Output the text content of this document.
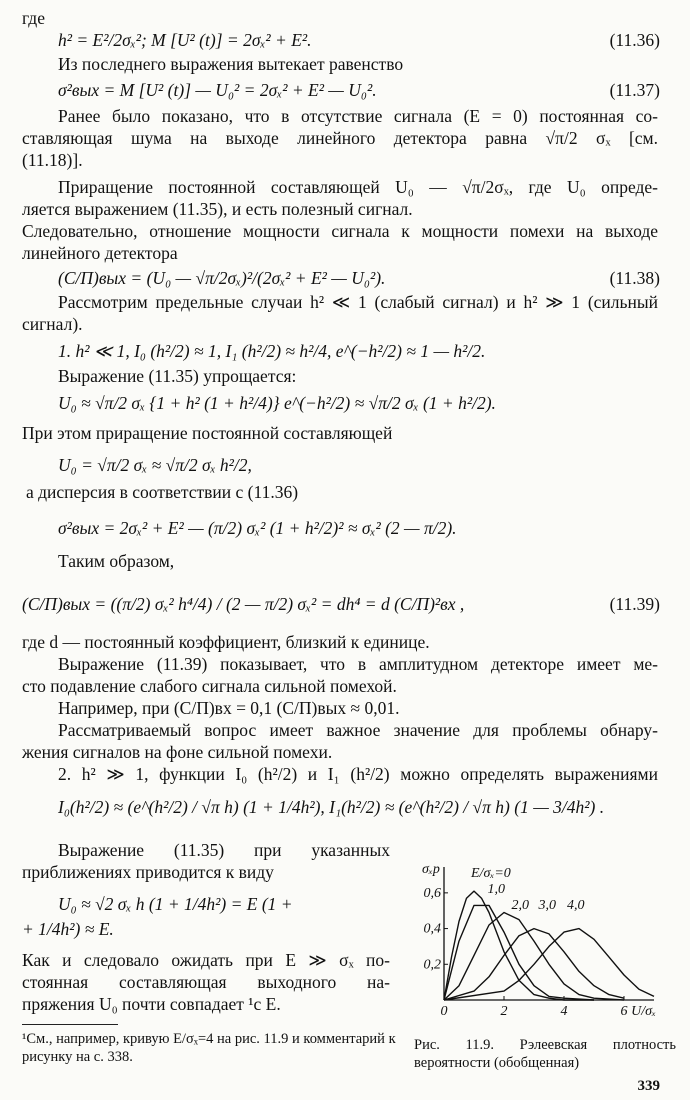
где
h² = E²/2σₓ²; M [U² (t)] = 2σₓ² + E².	(11.36)
Из последнего выражения вытекает равенство
σ²вых = M [U² (t)] — U₀² = 2σₓ² + E² — U₀².	(11.37)
Ранее было показано, что в отсутствие сигнала (E = 0) постоянная со-
ставляющая шума на выходе линейного детектора равна √π/2 σₓ [см.
(11.18)].
Приращение постоянной составляющей U₀ — √π/2σₓ, где U₀ опреде-
ляется выражением (11.35), и есть полезный сигнал.
Следовательно, отношение мощности сигнала к мощности помехи на выходе
линейного детектора
(С/П)вых = (U₀ — √π/2σₓ)²/(2σₓ² + E² — U₀²).	(11.38)
Рассмотрим предельные случаи h² ≪ 1 (слабый сигнал) и h² ≫ 1 (сильный
сигнал).
1. h² ≪ 1, I₀ (h²/2) ≈ 1, I₁ (h²/2) ≈ h²/4, e^(−h²/2) ≈ 1 — h²/2.
Выражение (11.35) упрощается:
U₀ ≈ √π/2 σₓ {1 + h² (1 + h²/4)} e^(−h²/2) ≈ √π/2 σₓ (1 + h²/2).
При этом приращение постоянной составляющей
U₀ = √π/2 σₓ ≈ √π/2 σₓ h²/2,
а дисперсия в соответствии с (11.36)
σ²вых = 2σₓ² + E² — (π/2) σₓ² (1 + h²/2)² ≈ σₓ² (2 — π/2).
Таким образом,
(С/П)вых = ((π/2) σₓ² h⁴/4) / (2 — π/2) σₓ² = dh⁴ = d (С/П)²вх ,	(11.39)
где d — постоянный коэффициент, близкий к единице.
Выражение (11.39) показывает, что в амплитудном детекторе имеет ме-
сто подавление слабого сигнала сильной помехой.
Например, при (С/П)вх = 0,1 (С/П)вых ≈ 0,01.
Рассматриваемый вопрос имеет важное значение для проблемы обнару-
жения сигналов на фоне сильной помехи.
2. h² ≫ 1, функции I₀ (h²/2) и I₁ (h²/2) можно определять выражениями
I₀(h²/2) ≈ (e^(h²/2) / √π h) (1 + 1/4h²), I₁(h²/2) ≈ (e^(h²/2) / √π h) (1 — 3/4h²) .
Выражение (11.35) при указанных
приближениях приводится к виду
U₀ ≈ √2 σₓ h (1 + 1/4h²) = E (1 +
+ 1/4h²) ≈ E.
Как и следовало ожидать при E ≫ σₓ по-
стоянная составляющая выходного на-
пряжения U₀ почти совпадает ¹с E.	0	2	4	6
0,2
0,4
0,6
U/σₓ
σₓp E/σₓ=0
1,0
2,0 3,0 4,0
Рис. 11.9. Рэлеевская плотность вероятности (обобщенная)
¹См., например, кривую E/σₓ=4 на рис. 11.9 и комментарий к рисунку на с. 338.
339
